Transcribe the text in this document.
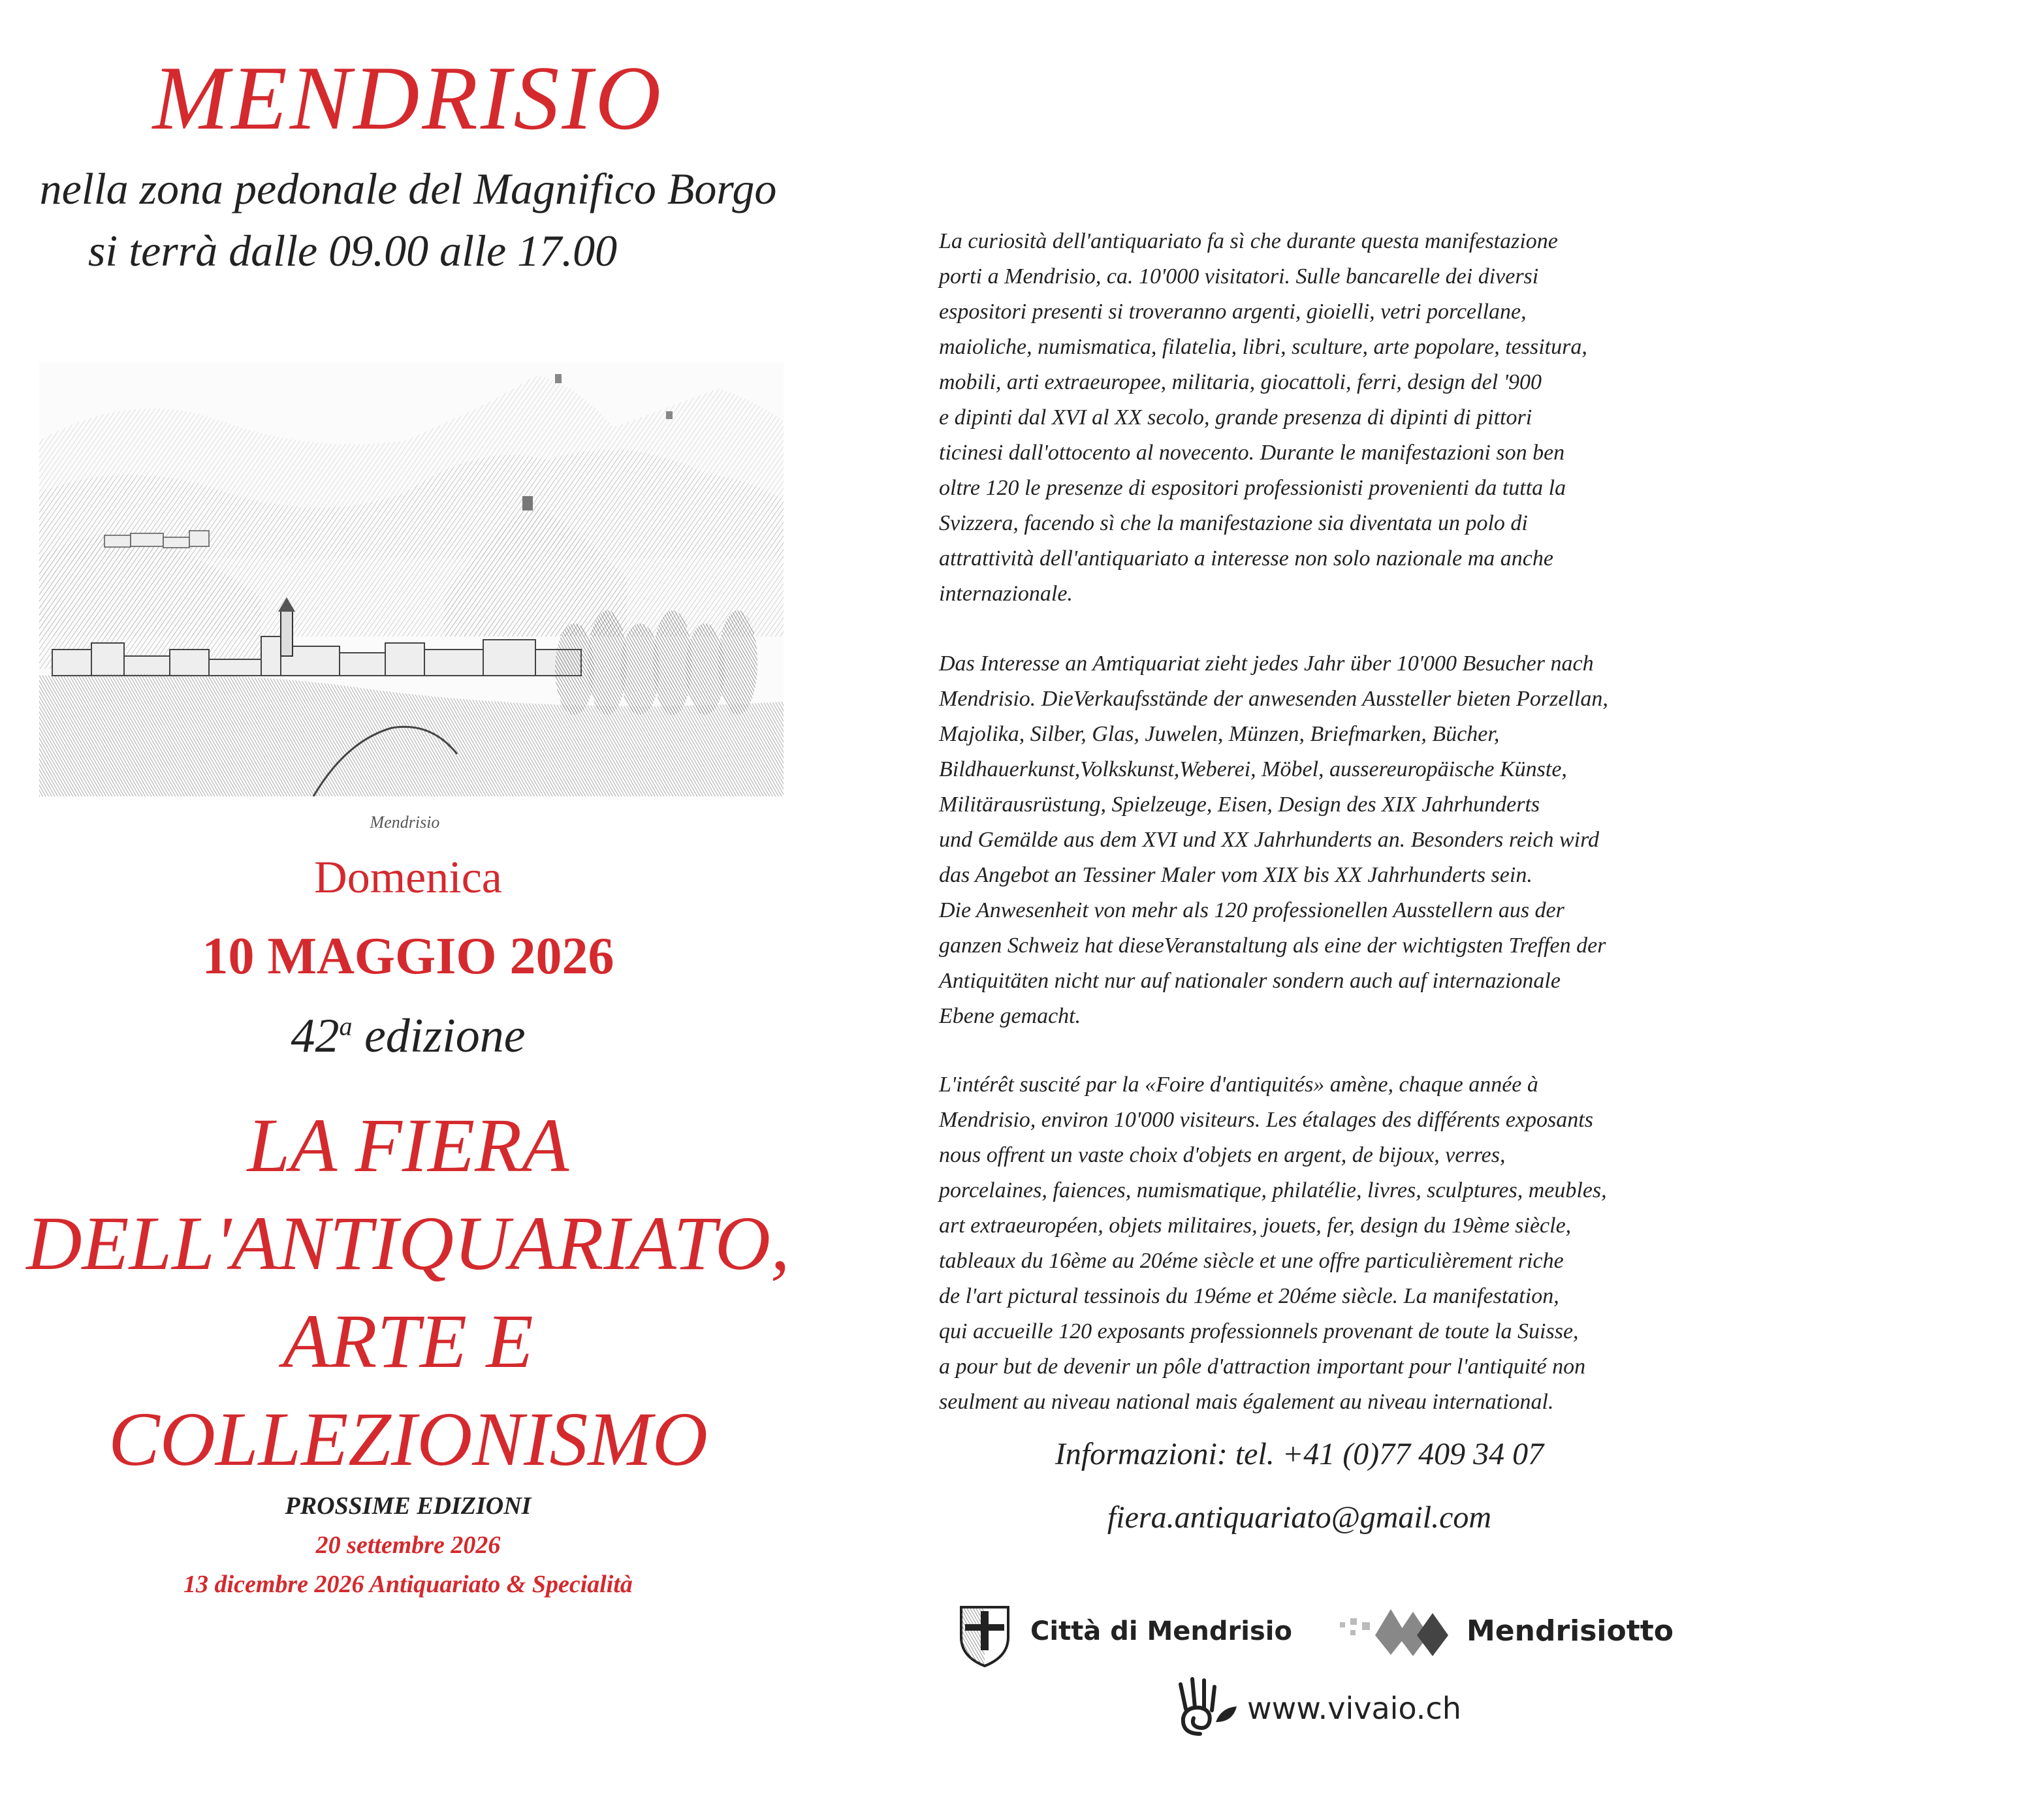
MENDRISIO
nella zona pedonale del Magnifico Borgo
si terrà dalle 09.00 alle 17.00
Mendrisio
Domenica
10 MAGGIO 2026
42$^a$ edizione
LA FIERA
DELL'ANTIQUARIATO,
ARTE E
COLLEZIONISMO
PROSSIME EDIZIONI
20 settembre 2026
13 dicembre 2026 Antiquariato & Specialità
La curiosità dell'antiquariato fa sì che durante questa manifestazione
porti a Mendrisio, ca. 10'000 visitatori. Sulle bancarelle dei diversi
espositori presenti si troveranno argenti, gioielli, vetri porcellane,
maioliche, numismatica, filatelia, libri, sculture, arte popolare, tessitura,
mobili, arti extraeuropee, militaria, giocattoli, ferri, design del '900
e dipinti dal XVI al XX secolo, grande presenza di dipinti di pittori
ticinesi dall'ottocento al novecento. Durante le manifestazioni son ben
oltre 120 le presenze di espositori professionisti provenienti da tutta la
Svizzera, facendo sì che la manifestazione sia diventata un polo di
attrattività dell'antiquariato a interesse non solo nazionale ma anche
internazionale.
Das Interesse an Amtiquariat zieht jedes Jahr über 10'000 Besucher nach
Mendrisio. DieVerkaufsstände der anwesenden Aussteller bieten Porzellan,
Majolika, Silber, Glas, Juwelen, Münzen, Briefmarken, Bücher,
Bildhauerkunst,Volkskunst,Weberei, Möbel, aussereuropäische Künste,
Militärausrüstung, Spielzeuge, Eisen, Design des XIX Jahrhunderts
und Gemälde aus dem XVI und XX Jahrhunderts an. Besonders reich wird
das Angebot an Tessiner Maler vom XIX bis XX Jahrhunderts sein.
Die Anwesenheit von mehr als 120 professionellen Ausstellern aus der
ganzen Schweiz hat dieseVeranstaltung als eine der wichtigsten Treffen der
Antiquitäten nicht nur auf nationaler sondern auch auf internazionale
Ebene gemacht.
L'intérêt suscité par la «Foire d'antiquités» amène, chaque année à
Mendrisio, environ 10'000 visiteurs. Les étalages des différents exposants
nous offrent un vaste choix d'objets en argent, de bijoux, verres,
porcelaines, faiences, numismatique, philatélie, livres, sculptures, meubles,
art extraeuropéen, objets militaires, jouets, fer, design du 19ème siècle,
tableaux du 16ème au 20éme siècle et une offre particulièrement riche
de l'art pictural tessinois du 19éme et 20éme siècle. La manifestation,
qui accueille 120 exposants professionnels provenant de toute la Suisse,
a pour but de devenir un pôle d'attraction important pour l'antiquité non
seulment au niveau national mais également au niveau international.
Informazioni: tel. +41 (0)77 409 34 07
fiera.antiquariato@gmail.com
Città di Mendrisio	Mendrisiotto
www.vivaio.ch
